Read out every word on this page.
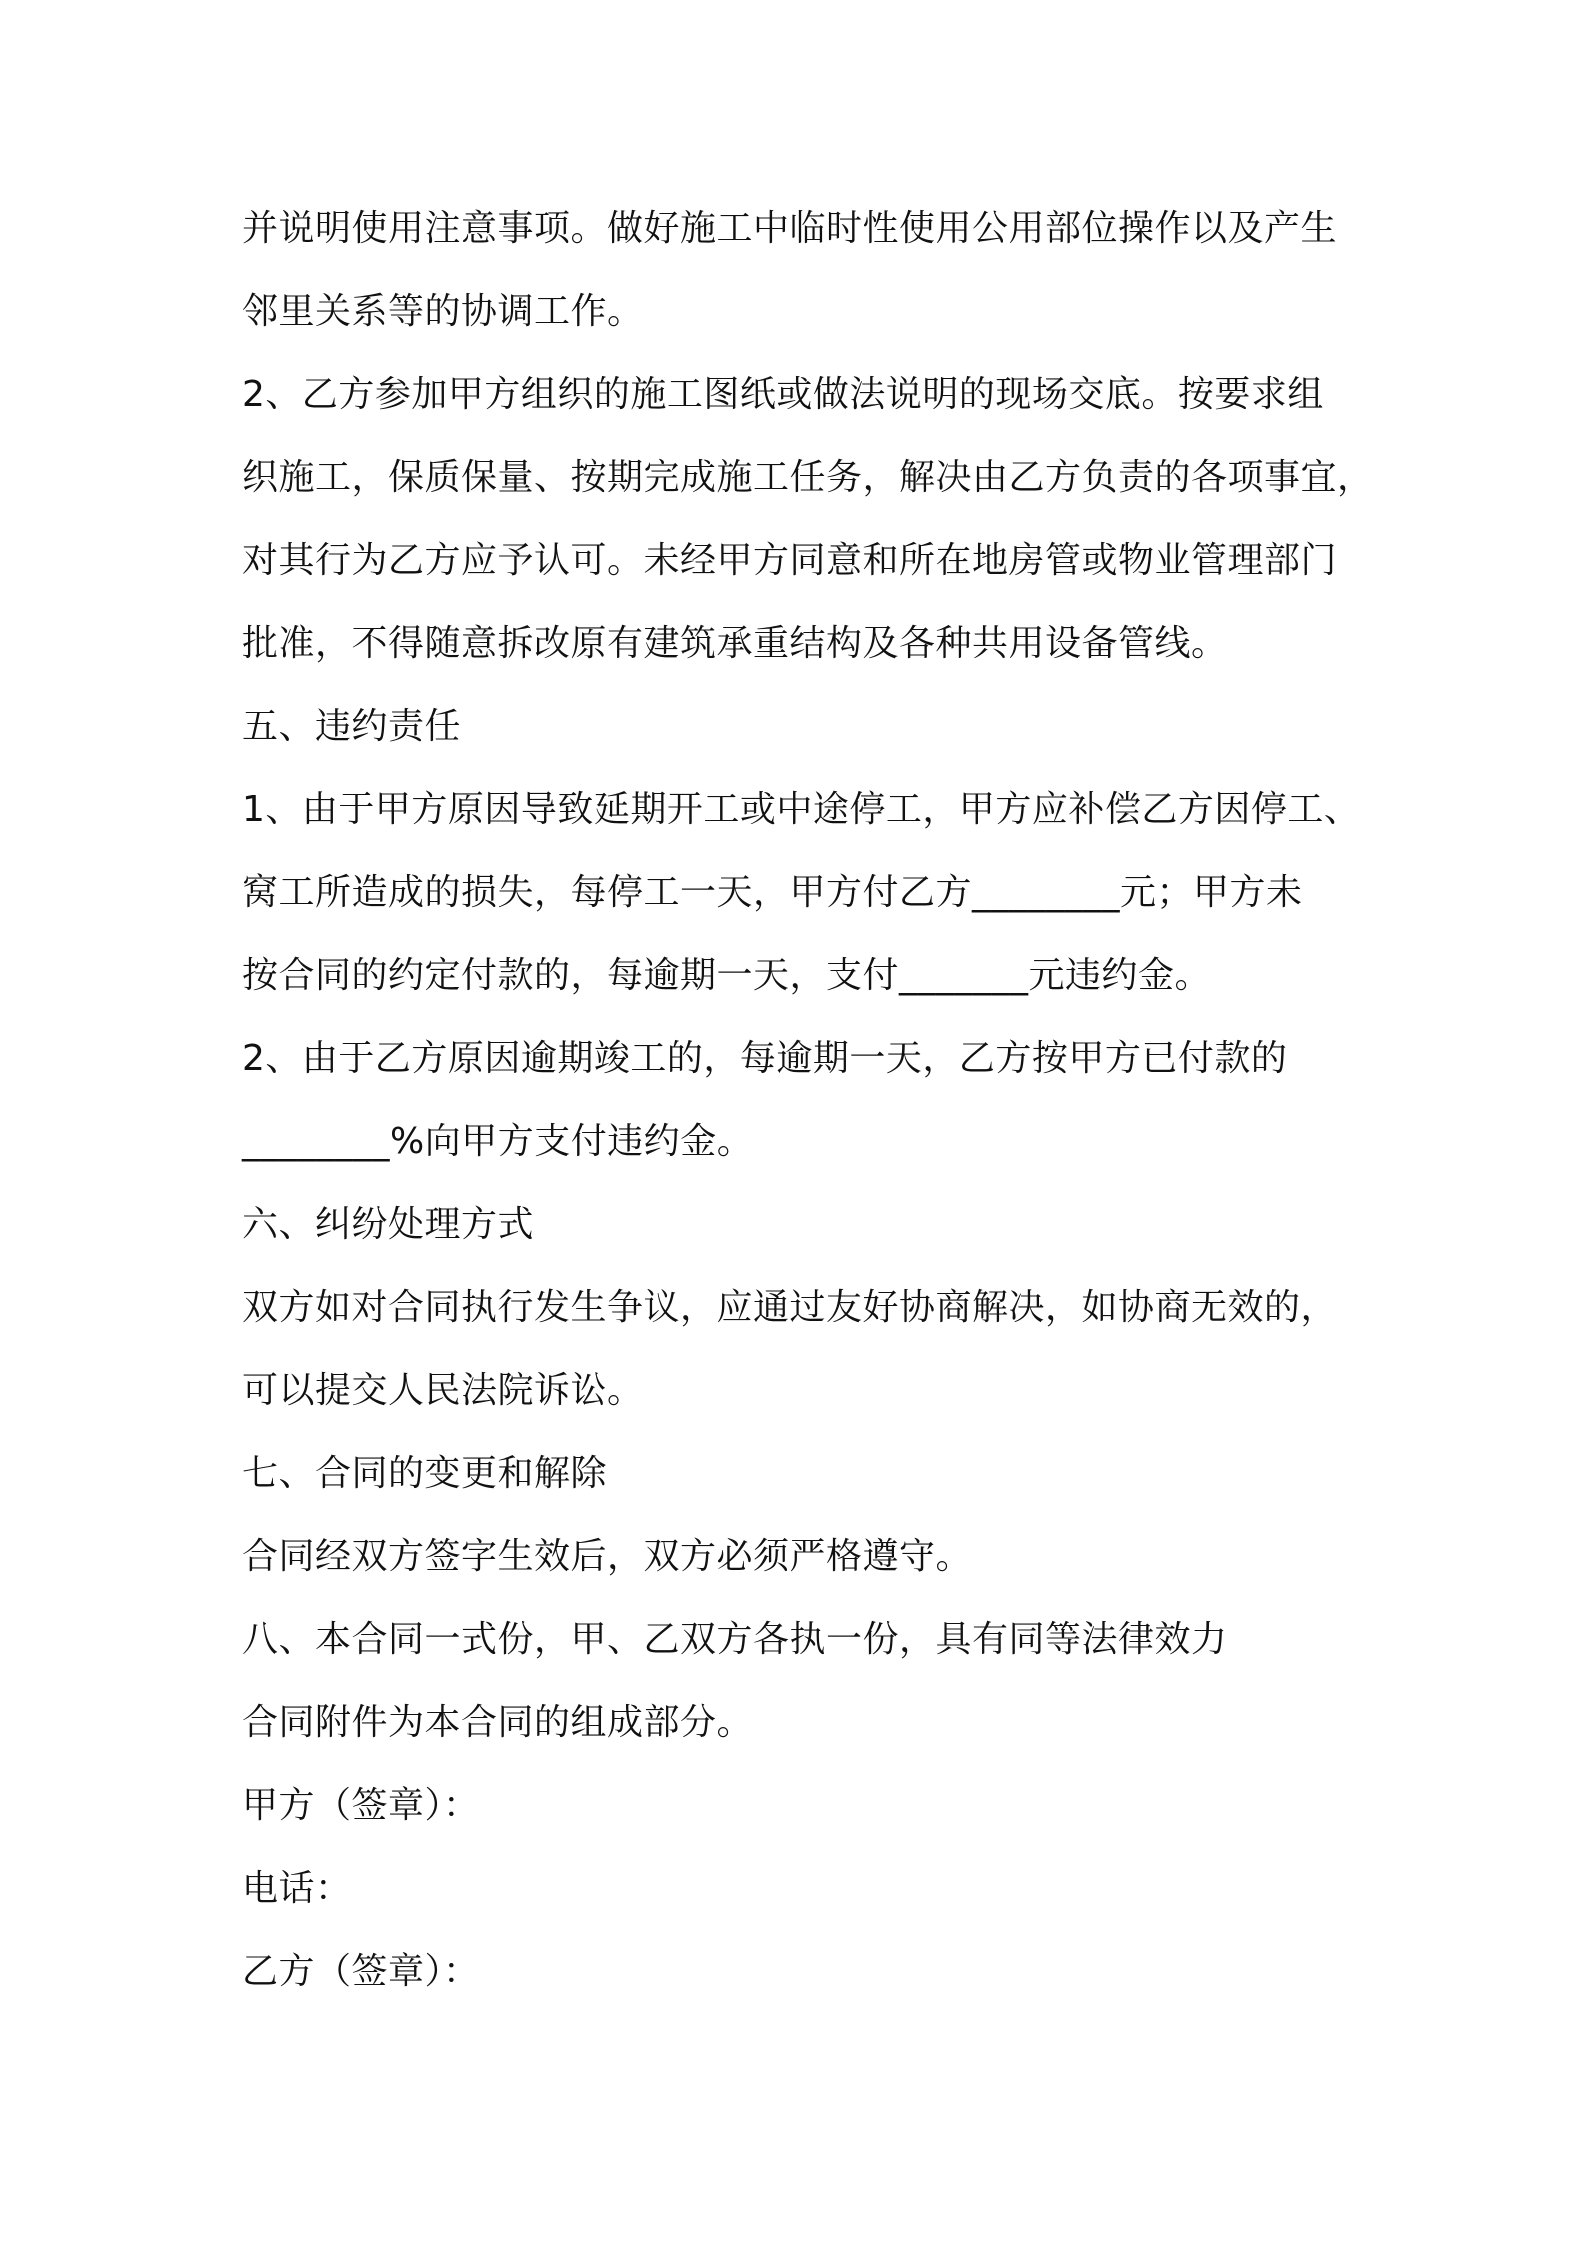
并说明使用注意事项。做好施工中临时性使用公用部位操作以及产生
邻里关系等的协调工作。
2、乙方参加甲方组织的施工图纸或做法说明的现场交底。按要求组
织施工，保质保量、按期完成施工任务，解决由乙方负责的各项事宜，
对其行为乙方应予认可。未经甲方同意和所在地房管或物业管理部门
批准，不得随意拆改原有建筑承重结构及各种共用设备管线。
五、违约责任
1、由于甲方原因导致延期开工或中途停工，甲方应补偿乙方因停工、
窝工所造成的损失，每停工一天，甲方付乙方________元；甲方未
按合同的约定付款的，每逾期一天，支付_______元违约金。
2、由于乙方原因逾期竣工的，每逾期一天，乙方按甲方已付款的
________%向甲方支付违约金。
六、纠纷处理方式
双方如对合同执行发生争议，应通过友好协商解决，如协商无效的，
可以提交人民法院诉讼。
七、合同的变更和解除
合同经双方签字生效后，双方必须严格遵守。
八、本合同一式份，甲、乙双方各执一份，具有同等法律效力
合同附件为本合同的组成部分。
甲方（签章）：
电话：
乙方（签章）：
